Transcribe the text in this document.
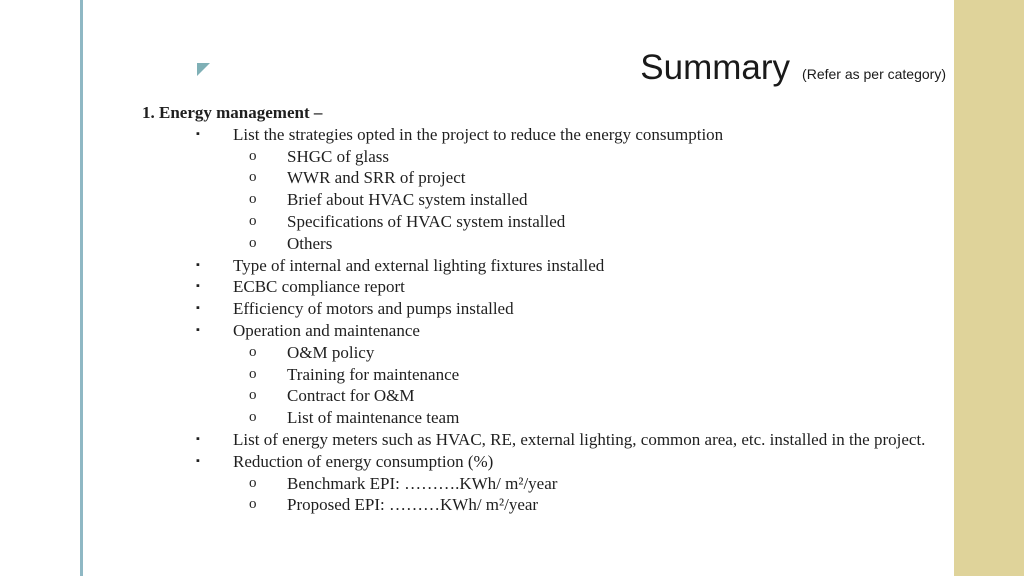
Summary (Refer as per category)
1. Energy management –
▪ List the strategies opted in the project to reduce the energy consumption
o SHGC of glass
o WWR and SRR of project
o Brief about HVAC system installed
o Specifications of HVAC system installed
o Others
▪ Type of internal and external lighting fixtures installed
▪ ECBC compliance report
▪ Efficiency of motors and pumps installed
▪ Operation and maintenance
o O&M policy
o Training for maintenance
o Contract for O&M
o List of maintenance team
▪ List of energy meters such as HVAC, RE, external lighting, common area, etc. installed in the project.
▪ Reduction of energy consumption (%)
o Benchmark EPI: ……….KWh/ m²/year
o Proposed EPI: ………KWh/ m²/year
